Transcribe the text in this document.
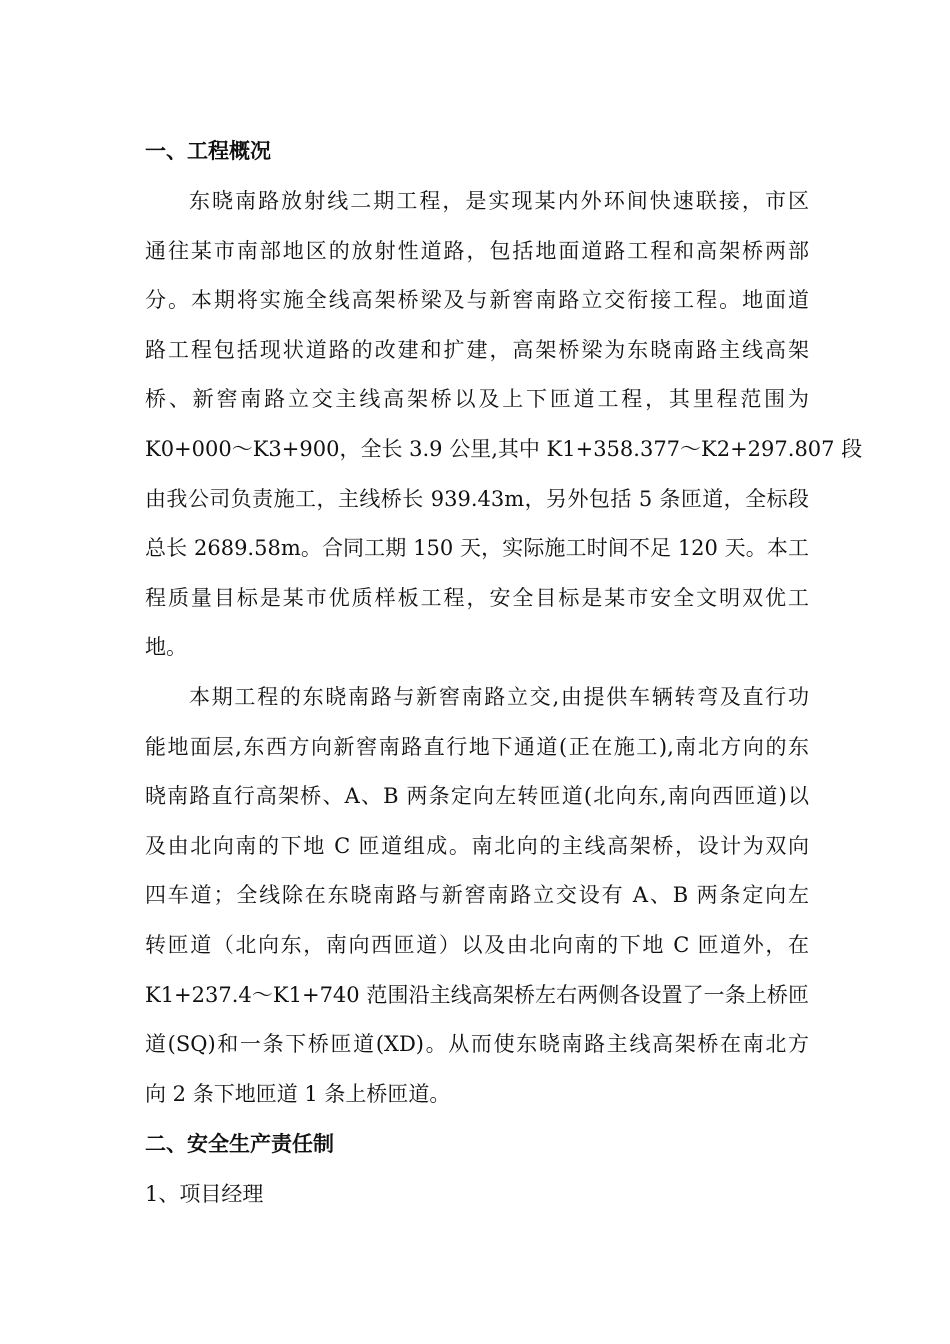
一、工程概况
东晓南路放射线二期工程，是实现某内外环间快速联接，市区
通往某市南部地区的放射性道路，包括地面道路工程和高架桥两部
分。本期将实施全线高架桥梁及与新窖南路立交衔接工程。地面道
路工程包括现状道路的改建和扩建，高架桥梁为东晓南路主线高架
桥、新窖南路立交主线高架桥以及上下匝道工程，其里程范围为
K0+000～K3+900，全长 3.9 公里,其中 K1+358.377～K2+297.807 段
由我公司负责施工，主线桥长 939.43m，另外包括 5 条匝道，全标段
总长 2689.58m。合同工期 150 天，实际施工时间不足 120 天。本工
程质量目标是某市优质样板工程，安全目标是某市安全文明双优工
地。
本期工程的东晓南路与新窖南路立交,由提供车辆转弯及直行功
能地面层,东西方向新窖南路直行地下通道(正在施工),南北方向的东
晓南路直行高架桥、A、B 两条定向左转匝道(北向东,南向西匝道)以
及由北向南的下地 C 匝道组成。南北向的主线高架桥，设计为双向
四车道；全线除在东晓南路与新窖南路立交设有 A、B 两条定向左
转匝道（北向东，南向西匝道）以及由北向南的下地 C 匝道外，在
K1+237.4～K1+740 范围沿主线高架桥左右两侧各设置了一条上桥匝
道(SQ)和一条下桥匝道(XD)。从而使东晓南路主线高架桥在南北方
向 2 条下地匝道 1 条上桥匝道。
二、安全生产责任制
1、项目经理
